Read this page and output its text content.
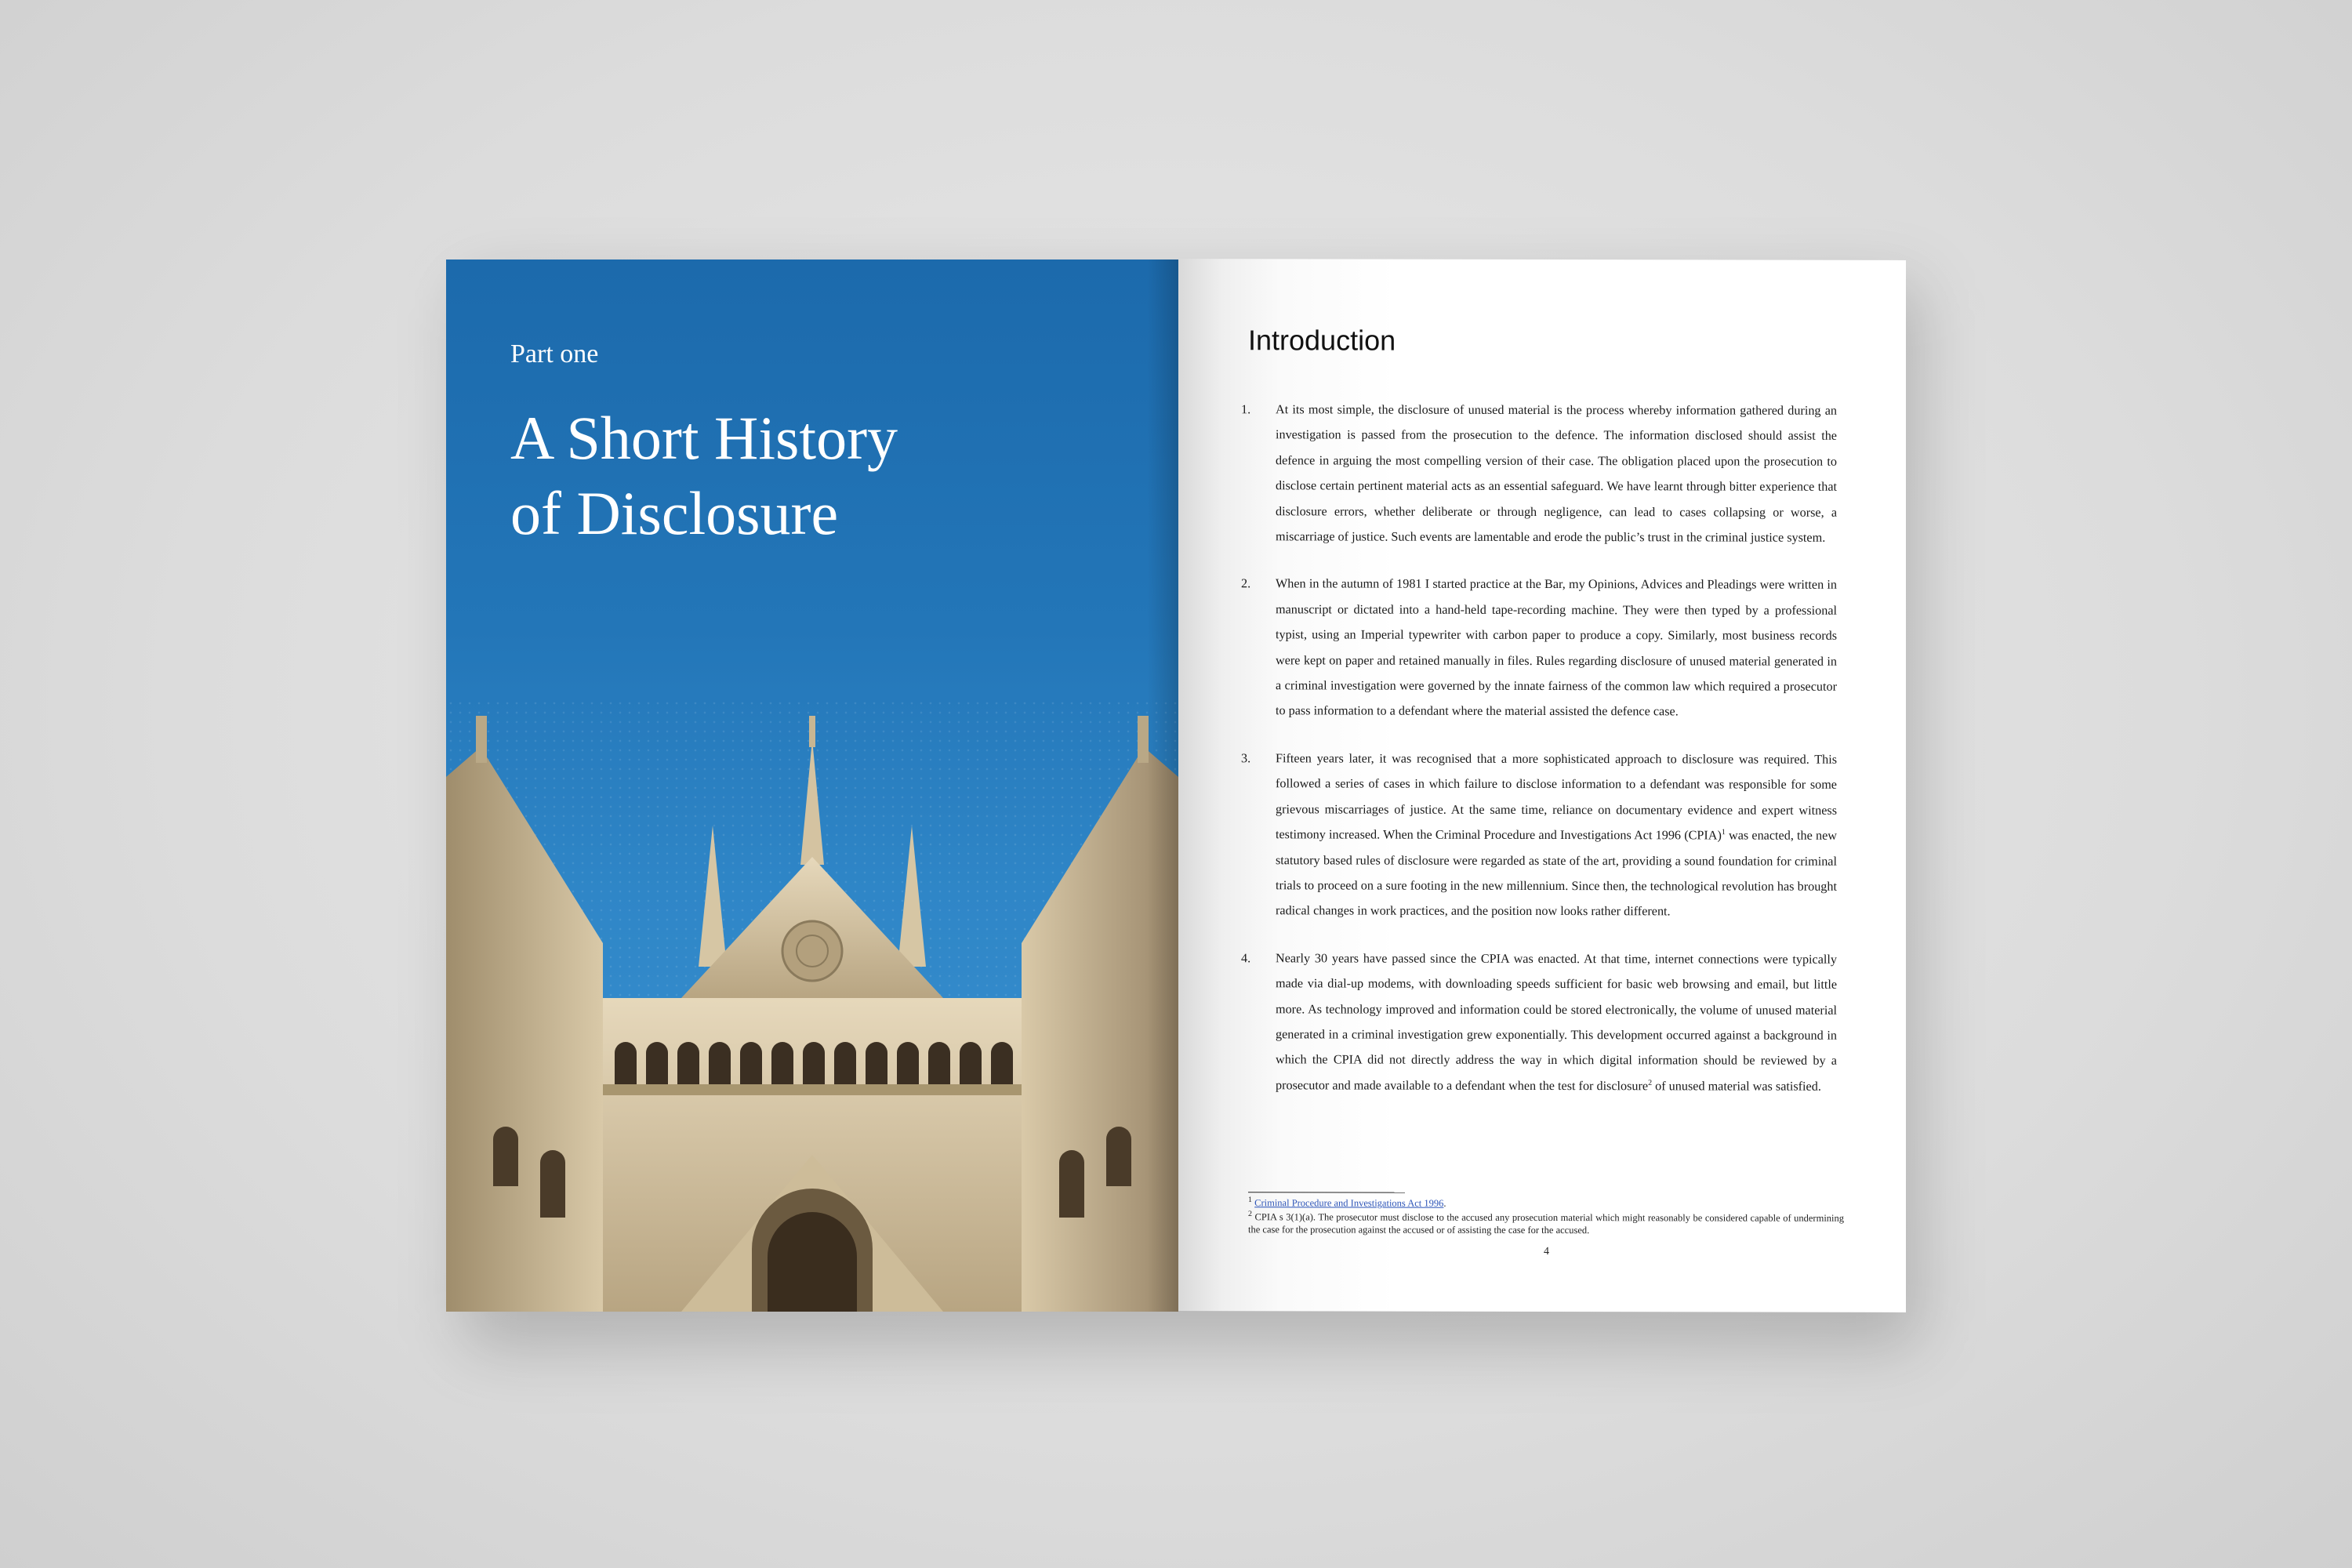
Part one
A Short History
of Disclosure
Introduction
1. At its most simple, the disclosure of unused material is the process whereby information gathered during an investigation is passed from the prosecution to the defence. The information disclosed should assist the defence in arguing the most compelling version of their case. The obligation placed upon the prosecution to disclose certain pertinent material acts as an essential safeguard. We have learnt through bitter experience that disclosure errors, whether deliberate or through negligence, can lead to cases collapsing or worse, a miscarriage of justice. Such events are lamentable and erode the public’s trust in the criminal justice system.
2. When in the autumn of 1981 I started practice at the Bar, my Opinions, Advices and Pleadings were written in manuscript or dictated into a hand-held tape-recording machine. They were then typed by a professional typist, using an Imperial typewriter with carbon paper to produce a copy. Similarly, most business records were kept on paper and retained manually in files. Rules regarding disclosure of unused material generated in a criminal investigation were governed by the innate fairness of the common law which required a prosecutor to pass information to a defendant where the material assisted the defence case.
3. Fifteen years later, it was recognised that a more sophisticated approach to disclosure was required. This followed a series of cases in which failure to disclose information to a defendant was responsible for some grievous miscarriages of justice. At the same time, reliance on documentary evidence and expert witness testimony increased. When the Criminal Procedure and Investigations Act 1996 (CPIA)$^1$ was enacted, the new statutory based rules of disclosure were regarded as state of the art, providing a sound foundation for criminal trials to proceed on a sure footing in the new millennium. Since then, the technological revolution has brought radical changes in work practices, and the position now looks rather different.
4. Nearly 30 years have passed since the CPIA was enacted. At that time, internet connections were typically made via dial-up modems, with downloading speeds sufficient for basic web browsing and email, but little more. As technology improved and information could be stored electronically, the volume of unused material generated in a criminal investigation grew exponentially. This development occurred against a background in which the CPIA did not directly address the way in which digital information should be reviewed by a prosecutor and made available to a defendant when the test for disclosure$^2$ of unused material was satisfied.

$^1$ Criminal Procedure and Investigations Act 1996.

$^2$ CPIA s 3(1)(a). The prosecutor must disclose to the accused any prosecution material which might reasonably be considered capable of undermining the case for the prosecution against the accused or of assisting the case for the accused.

4
